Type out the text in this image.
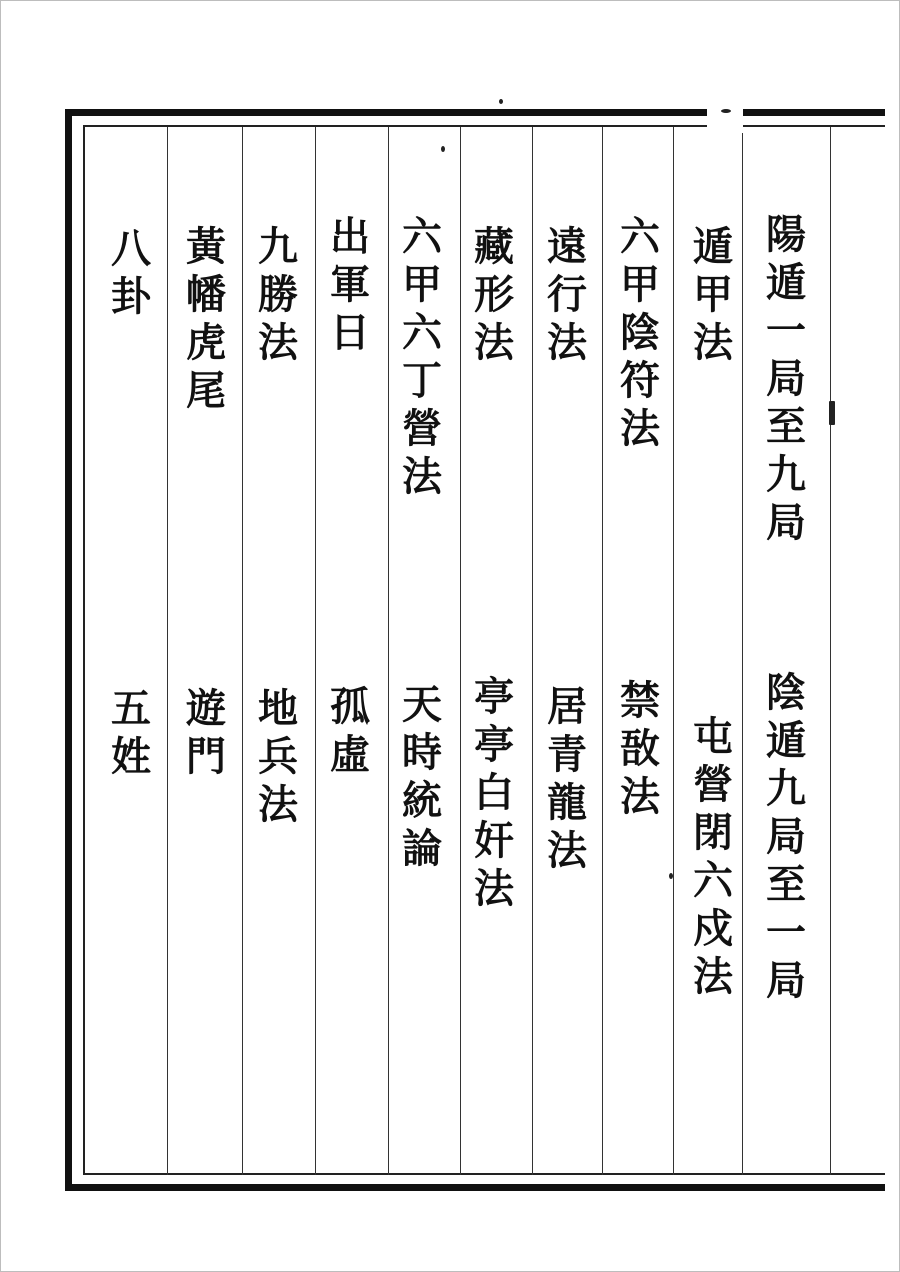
陽
遁
一
局
至
九
局
陰
遁
九
局
至
一
局
遁
甲
法
屯
營
閉
六
戍
法
六
甲
陰
符
法
禁
敔
法
遠
行
法
居
青
龍
法
藏
形
法
亭
亭
白
奸
法
六
甲
六
丁
營
法
天
時
統
論
出
軍
日
孤
虛
九
勝
法
地
兵
法
黃
幡
虎
尾
遊
門
八
卦
五
姓
